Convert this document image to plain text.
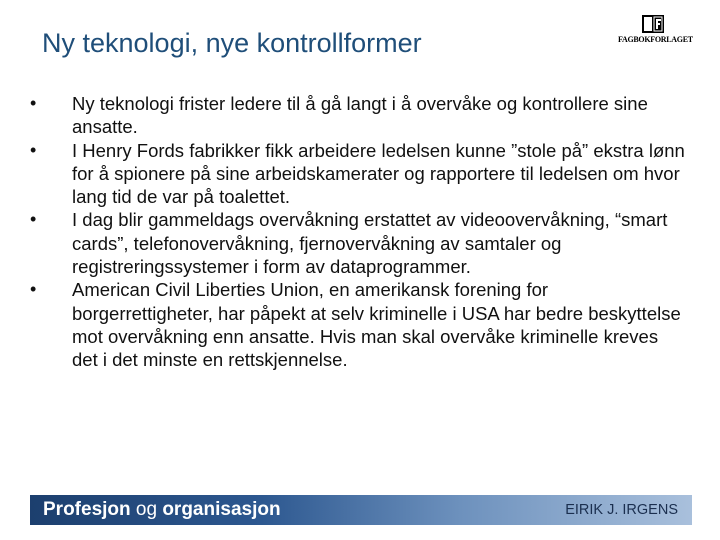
Ny teknologi, nye kontrollformer	FAGBOKFORLAGET
• Ny teknologi frister ledere til å gå langt i å overvåke og kontrollere sine ansatte.
• I Henry Fords fabrikker fikk arbeidere ledelsen kunne ”stole på” ekstra lønn for å spionere på sine arbeidskamerater og rapportere til ledelsen om hvor lang tid de var på toalettet.
• I dag blir gammeldags overvåkning erstattet av videoovervåkning, “smart cards”, telefonovervåkning, fjernovervåkning av samtaler og registreringssystemer i form av dataprogrammer.
• American Civil Liberties Union, en amerikansk forening for borgerrettigheter, har påpekt at selv kriminelle i USA har bedre beskyttelse mot overvåkning enn ansatte. Hvis man skal overvåke kriminelle kreves det i det minste en rettskjennelse.
Profesjon og organisasjon	EIRIK J. IRGENS
